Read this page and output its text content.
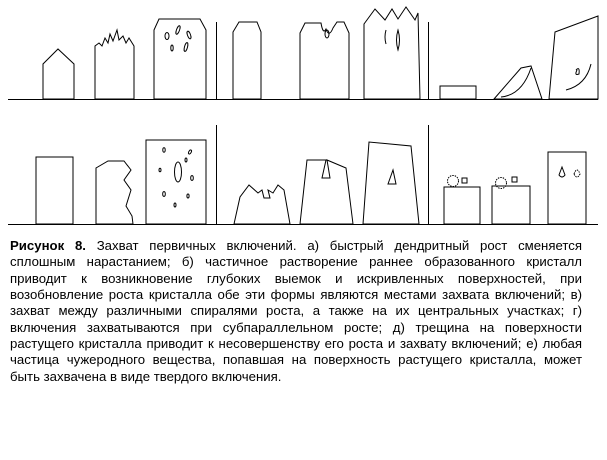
Рисунок 8. Захват первичных включений. а) быстрый дендритный рост сменяется сплошным нарастанием; б) частичное растворение раннее образованного кристалл приводит к возникновение глубоких выемок и искривленных поверхностей, при возобновление роста кристалла обе эти формы являются местами захвата включений; в) захват между различными спиралями роста, а также на их центральных участках; г) включения захватываются при субпараллельном росте; д) трещина на поверхности растущего кристалла приводит к несовершенству его роста и захвату включений; е) любая частица чужеродного вещества, попавшая на поверхность растущего кристалла, может быть захвачена в виде твердого включения.
